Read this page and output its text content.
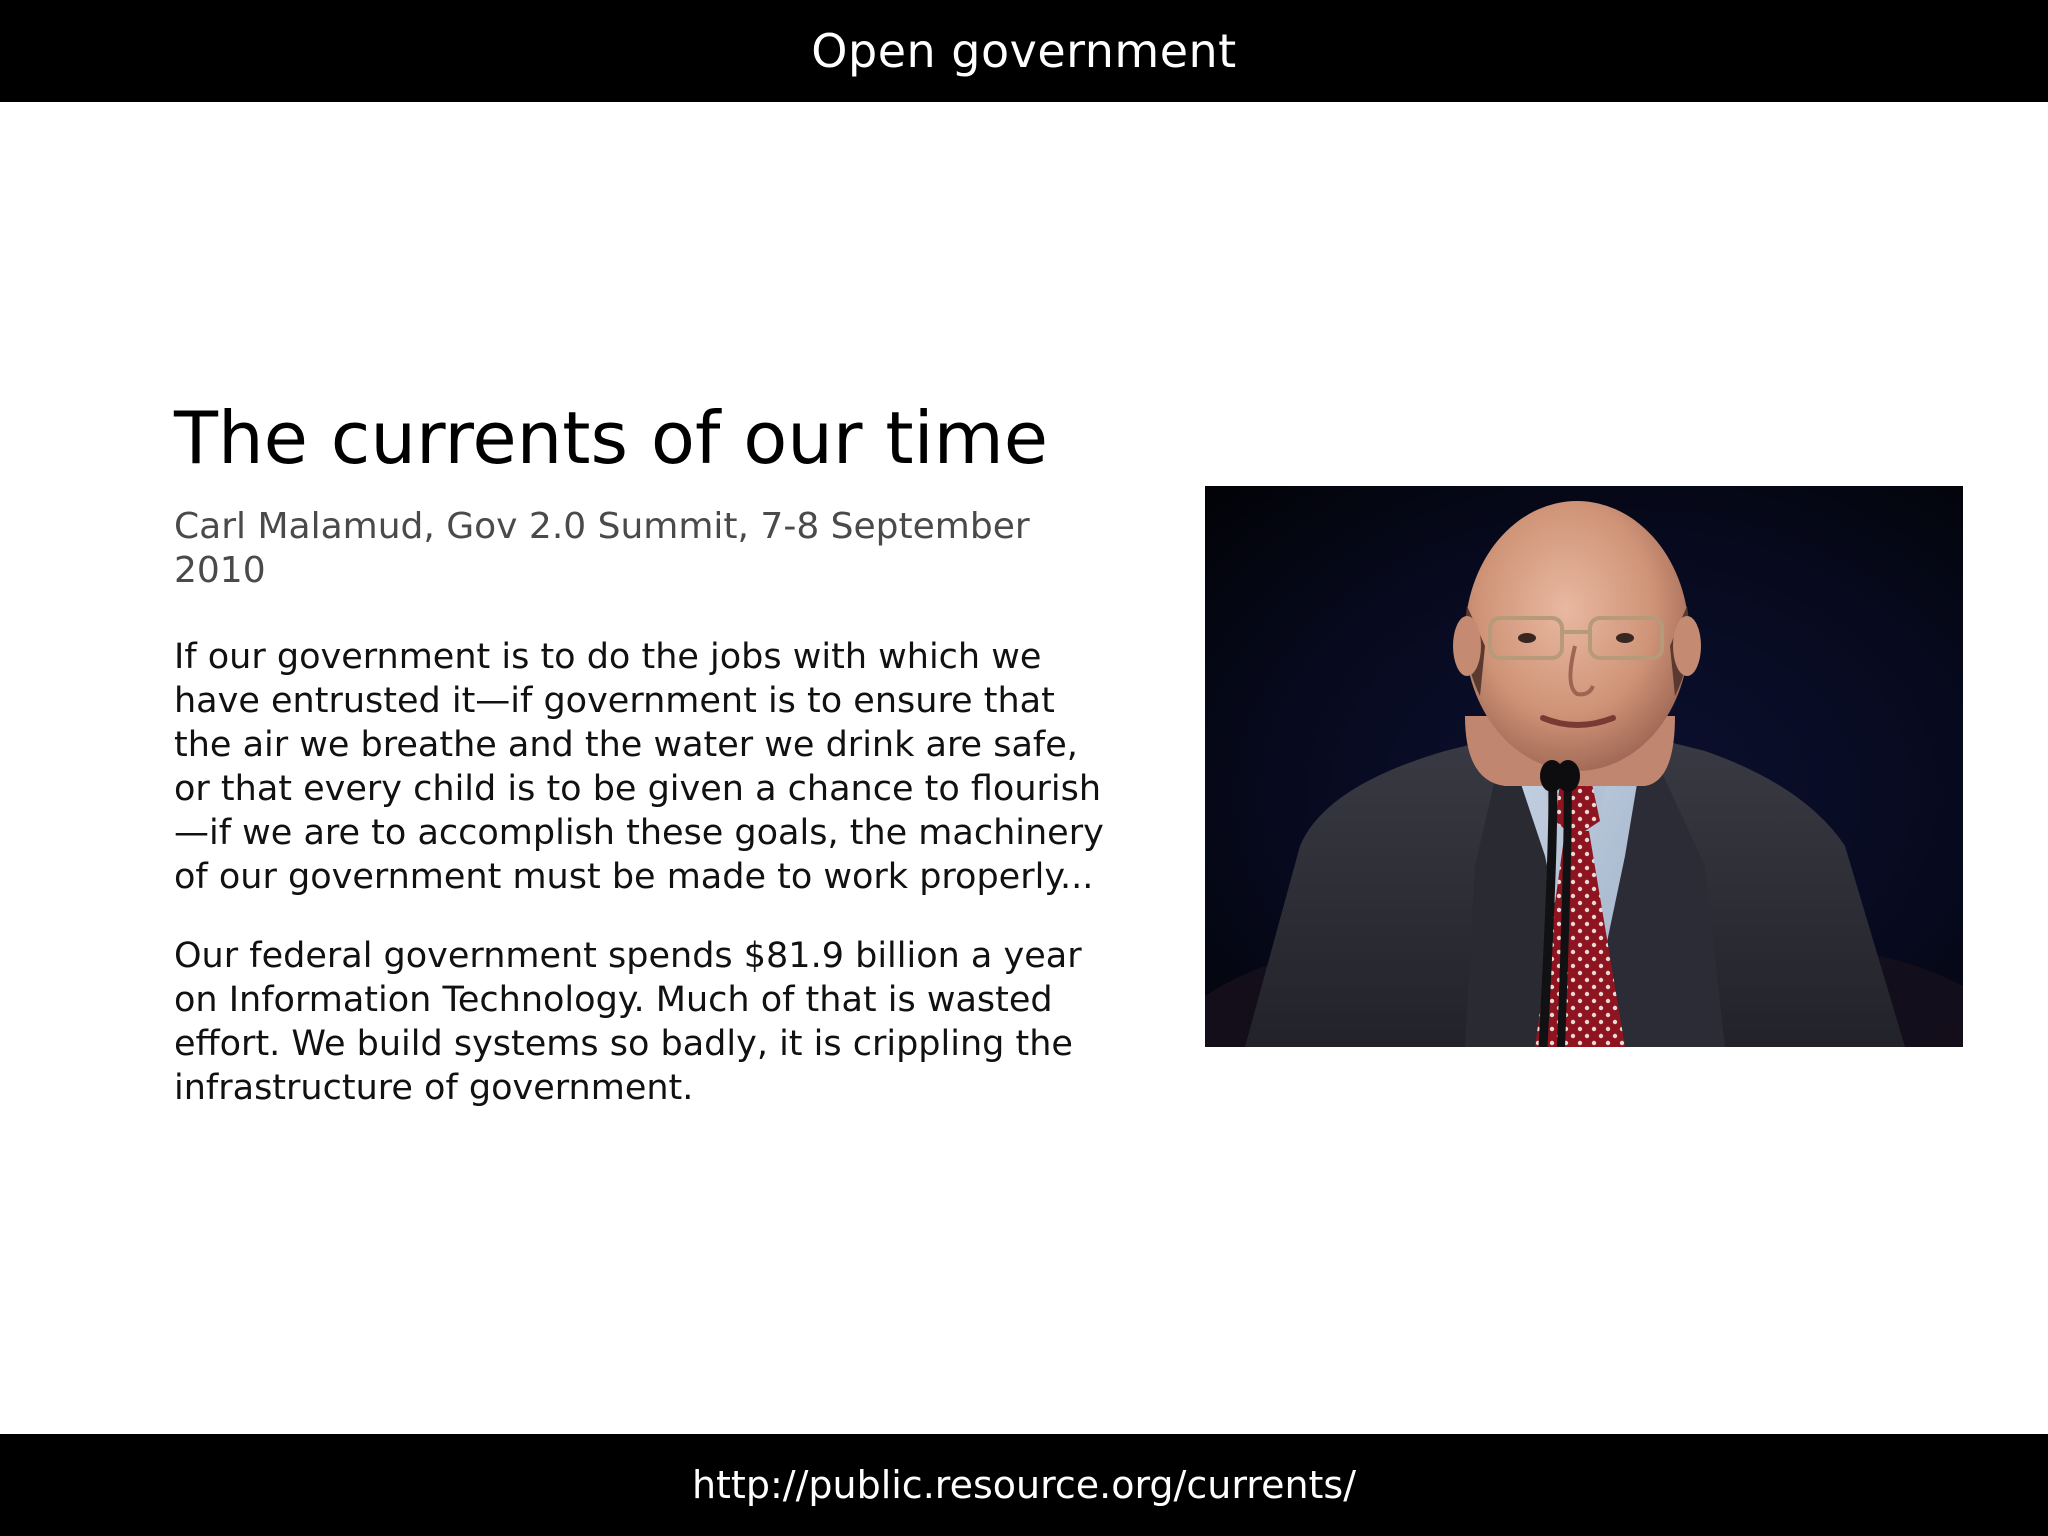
Open government
The currents of our time
Carl Malamud, Gov 2.0 Summit, 7-8 September 2010

If our government is to do the jobs with which we have entrusted it—if government is to ensure that the air we breathe and the water we drink are safe, or that every child is to be given a chance to flourish—if we are to accomplish these goals, the machinery of our government must be made to work properly...

Our federal government spends $81.9 billion a year on Information Technology. Much of that is wasted effort. We build systems so badly, it is crippling the infrastructure of government.

http://public.resource.org/currents/
